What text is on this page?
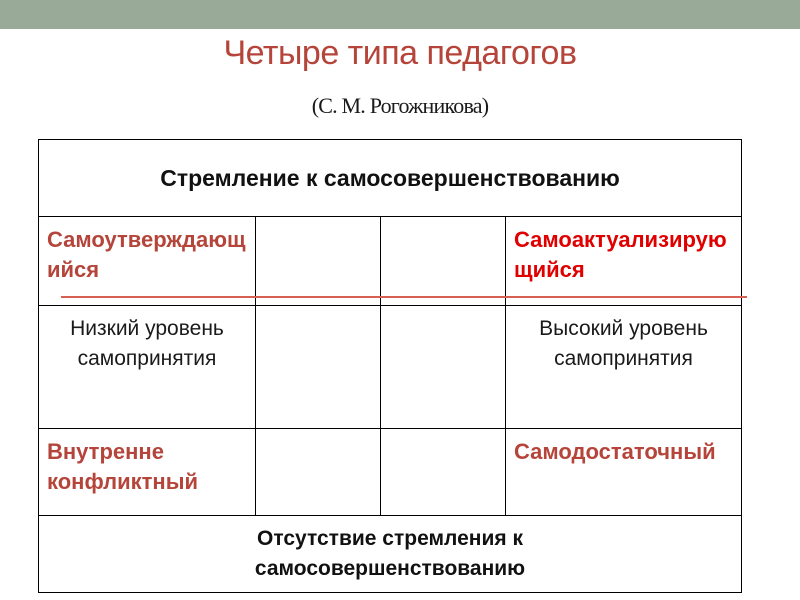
Четыре типа педагогов
(С. М. Рогожникова)
Стремление к самосовершенствованию			
Самоутверждающийся			Самоактуализирующийся
Низкий уровень самопринятия			Высокий уровень самопринятия
Внутренне конфликтный			Самодостаточный

Отсутствие стремления к самосовершенствованию			
